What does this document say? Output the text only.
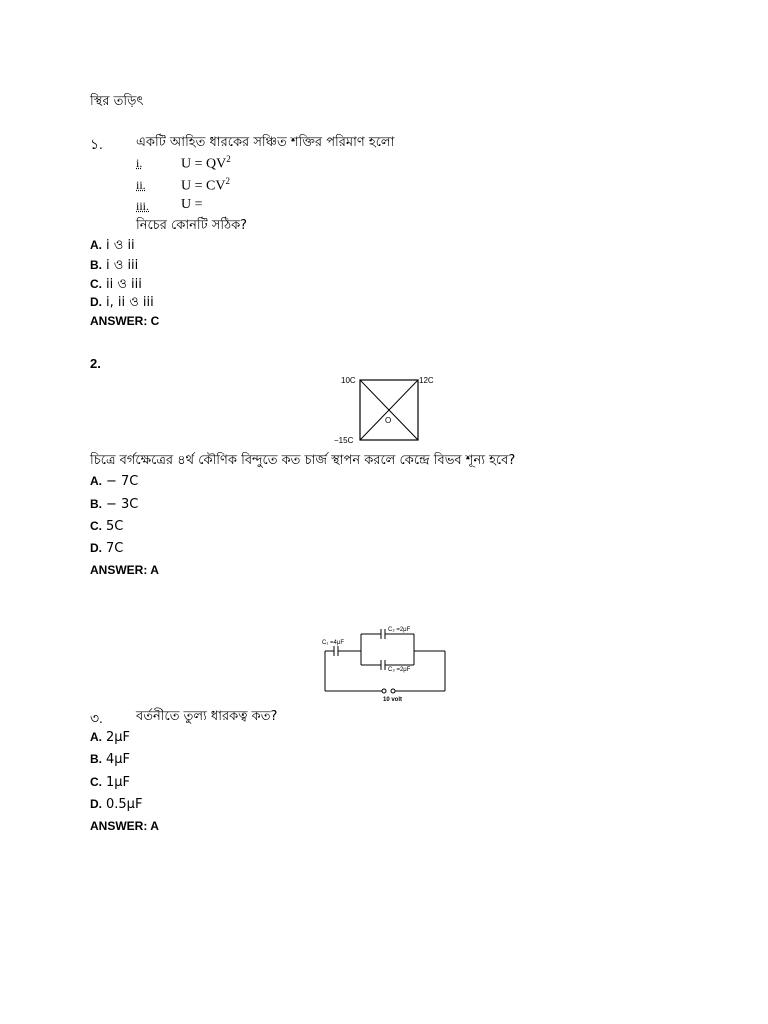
স্থির তড়িৎ
১.	একটি আহিত ধারকের সঞ্চিত শক্তির পরিমাণ হলো
i.	$U = QV^2$
ii.	$U = CV^2$
iii. U =
নিচের কোনটি সঠিক?
A. i ও ii
B. i ও iii
C. ii ও iii
D. i, ii ও iii
ANSWER: C
2.
10C	12C
−15C
O
চিত্রে বর্গক্ষেত্রের ৪র্থ কৌণিক বিন্দুতে কত চার্জ স্থাপন করলে কেন্দ্রে বিভব শূন্য হবে?
A. − 7C
B. − 3C
C. 5C
D. 7C
ANSWER: A
C₁ =4μF
C₂ =2μF
C₃ =2μF
10 volt
৩.	বর্তনীতে তুল্য ধারকত্ব কত?
A. 2μF
B. 4μF
C. 1μF
D. 0.5μF
ANSWER: A
